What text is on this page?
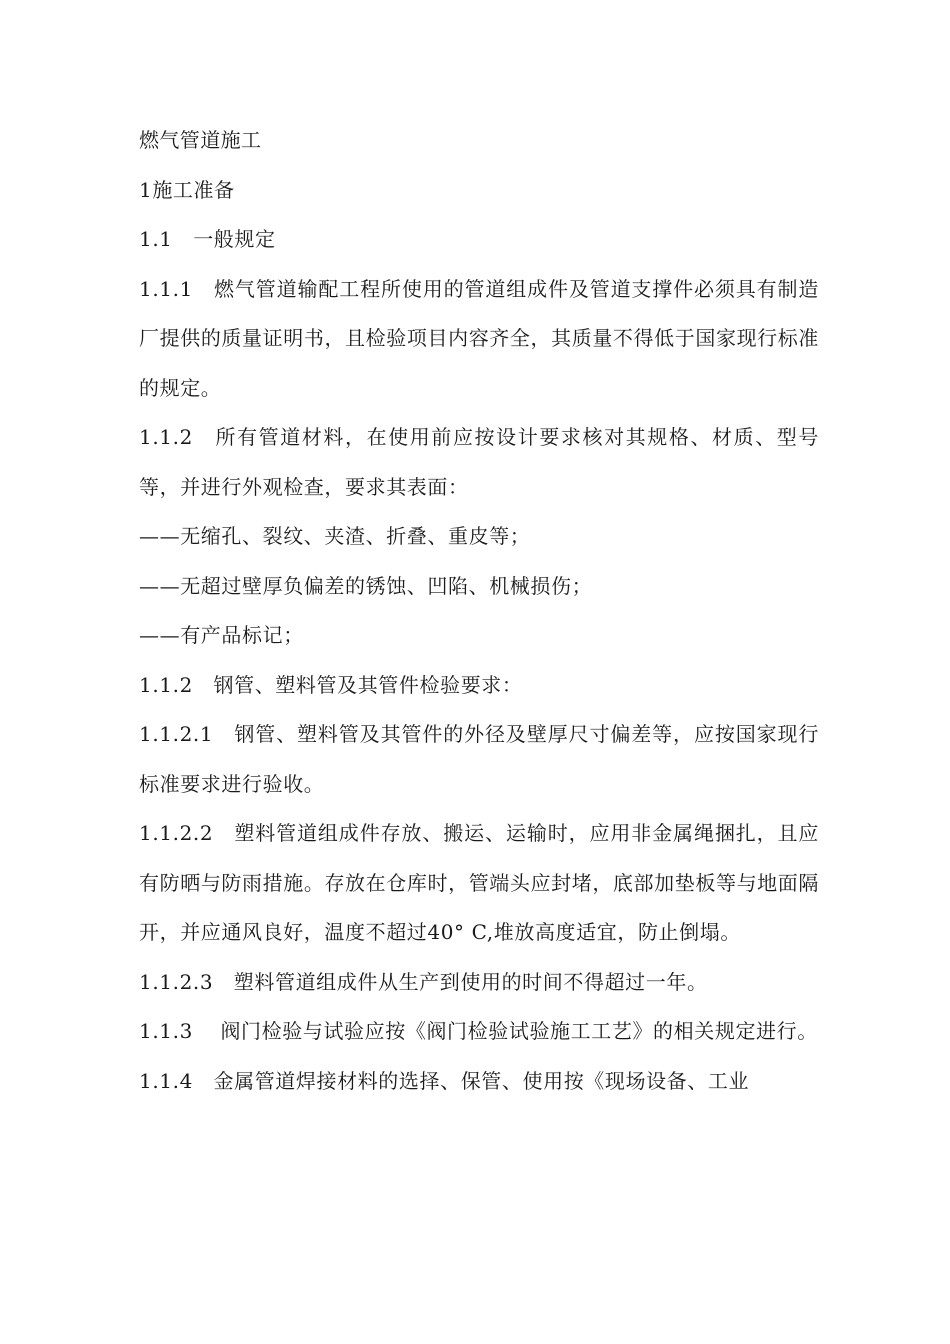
燃气管道施工

1施工准备

1.1　一般规定

1.1.1　燃气管道输配工程所使用的管道组成件及管道支撑件必须具有制造厂提供的质量证明书，且检验项目内容齐全，其质量不得低于国家现行标准的规定。

1.1.2　所有管道材料，在使用前应按设计要求核对其规格、材质、型号等，并进行外观检查，要求其表面：

——无缩孔、裂纹、夹渣、折叠、重皮等；

——无超过壁厚负偏差的锈蚀、凹陷、机械损伤；

——有产品标记；

1.1.2　钢管、塑料管及其管件检验要求：

1.1.2.1　钢管、塑料管及其管件的外径及壁厚尺寸偏差等，应按国家现行标准要求进行验收。

1.1.2.2　塑料管道组成件存放、搬运、运输时，应用非金属绳捆扎，且应有防晒与防雨措施。存放在仓库时，管端头应封堵，底部加垫板等与地面隔开，并应通风良好，温度不超过40° C,堆放高度适宜，防止倒塌。

1.1.2.3　塑料管道组成件从生产到使用的时间不得超过一年。

1.1.3　 阀门检验与试验应按《阀门检验试验施工工艺》的相关规定进行。

1.1.4　金属管道焊接材料的选择、保管、使用按《现场设备、工业
